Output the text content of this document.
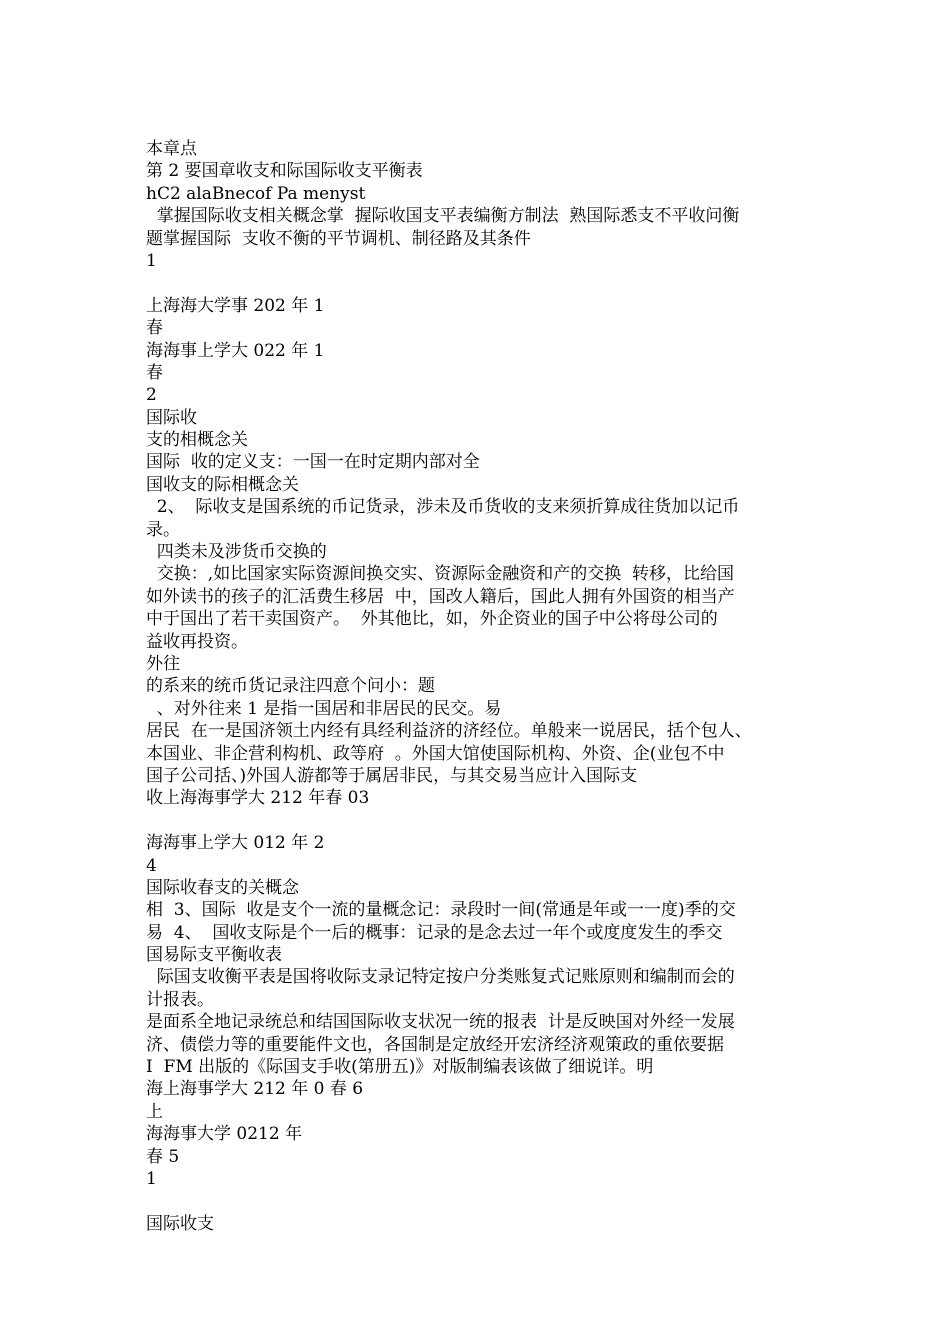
本章点
第 2 要国章收支和际国际收支平衡表
hC2 alaBnecof Pa menyst
掌握国际收支相关概念掌  握际收国支平表编衡方制法  熟国际悉支不平收问衡
题掌握国际  支收不衡的平节调机、制径路及其条件
1
上海海大学事 202 年 1
春
海海事上学大 022 年 1
春
2
国际收
支的相概念关
国际  收的定义支：一国一在时定期内部对全
国收支的际相概念关
2、  际收支是国系统的币记货录，涉未及币货收的支来须折算成往货加以记币
录。
四类未及涉货币交换的
交换：,如比国家实际资源间换交实、资源际金融资和产的交换  转移，比给国
如外读书的孩子的汇活费生移居  中，国改人籍后，国此人拥有外国资的相当产
中于国出了若干卖国资产。  外其他比，如，外企资业的国子中公将母公司的
益收再投资。
外往
的系来的统币货记录注四意个问小：题
、对外往来 1 是指一国居和非居民的民交。易
居民  在一是国济领土内经有具经利益济的济经位。单般来一说居民，括个包人、
本国业、非企营利构机、政等府  。外国大馆使国际机构、外资、企(业包不中
国子公司括、)外国人游都等于属居非民，与其交易当应计入国际支
收上海海事学大 212 年春 03
海海事上学大 012 年 2
4
国际收春支的关概念
相  3、国际  收是支个一流的量概念记：录段时一间(常通是年或一一度)季的交
易  4、  国收支际是个一后的概事：记录的是念去过一年个或度度发生的季交
国易际支平衡收表
际国支收衡平表是国将收际支录记特定按户分类账复式记账原则和编制而会的
计报表。
是面系全地记录统总和结国国际收支状况一统的报表  计是反映国对外经一发展
济、债偿力等的重要能件文也，各国制是定放经开宏济经济观策政的重依要据
I  FM 出版的《际国支手收(第册五)》对版制编表该做了细说详。明
海上海事学大 212 年 0 春 6
上
海海事大学 0212 年
春 5
1
国际收支
